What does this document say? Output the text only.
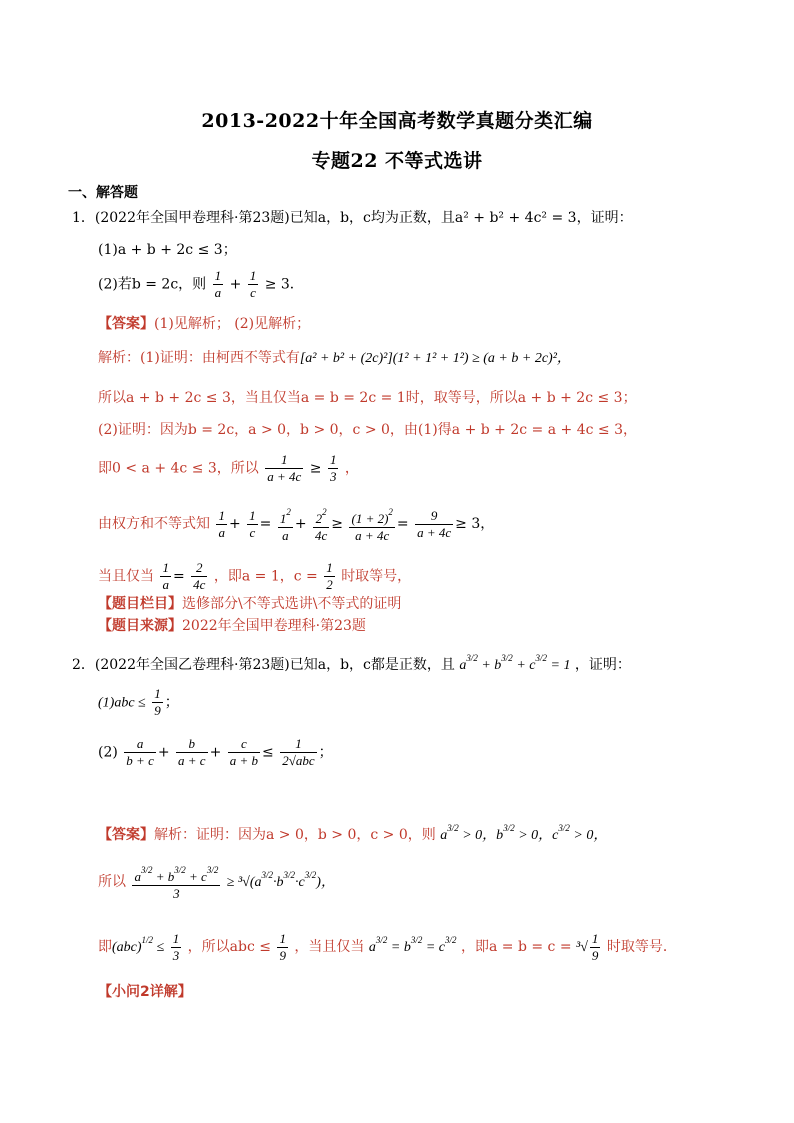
2013-2022十年全国高考数学真题分类汇编
专题22 不等式选讲
一、解答题
1．(2022年全国甲卷理科·第23题)已知a，b，c均为正数，且a² + b² + 4c² = 3，证明：
(1)a + b + 2c ≤ 3；
(2)若b = 2c，则 $\frac{1}{a} + \frac{1}{c} \ge 3$．
【答案】(1)见解析； (2)见解析；
解析：(1)证明：由柯西不等式有[a² + b² + (2c)²](1² + 1² + 1²) ≥ (a + b + 2c)²，
所以a + b + 2c ≤ 3，当且仅当a = b = 2c = 1时，取等号，所以a + b + 2c ≤ 3；
(2)证明：因为b = 2c，a > 0，b > 0，c > 0，由(1)得a + b + 2c = a + 4c ≤ 3，
即0 < a + 4c ≤ 3，所以 $\frac{1}{a + 4c} \ge \frac{1}{3}$ ，
由权方和不等式知 $\frac{1}{a} + \frac{1}{c} = \frac{1^2}{a} + \frac{2^2}{4c} \ge \frac{(1 + 2)^2}{a + 4c} = \frac{9}{a + 4c} \ge 3$，
当且仅当 $\frac{1}{a} = \frac{2}{4c}$ ，即a = 1，$c = \frac{1}{2}$ 时取等号，
【题目栏目】选修部分\不等式选讲\不等式的证明
【题目来源】2022年全国甲卷理科·第23题
2．(2022年全国乙卷理科·第23题)已知a，b，c都是正数，且 $a^{3/2} + b^{3/2} + c^{3/2} = 1$ ，证明：
$(1)abc \le \frac{1}{9}$ ；
$(2) \frac{a}{b + c} + \frac{b}{a + c} + \frac{c}{a + b} \le \frac{1}{\text{2√abc}}$ ；
【答案】解析：证明：因为a > 0，b > 0，c > 0，则 $a^{3/2} > 0$，$b^{3/2} > 0$，$c^{3/2} > 0$，
所以 $\frac{a^{3/2} + b^{3/2} + c^{3/2}}{3} \ge ^3√(a^{3/2}\cdot b^{3/2}\cdot c^{3/2})$，
即$(abc)^{1/2} \le \frac{1}{3}$ ，所以abc ≤ $\frac{1}{9}$ ，当且仅当 $a^{3/2} = b^{3/2} = c^{3/2}$ ，即$a = b = c = ^3√ \frac{1}{9}$ 时取等号．
【小问2详解】
